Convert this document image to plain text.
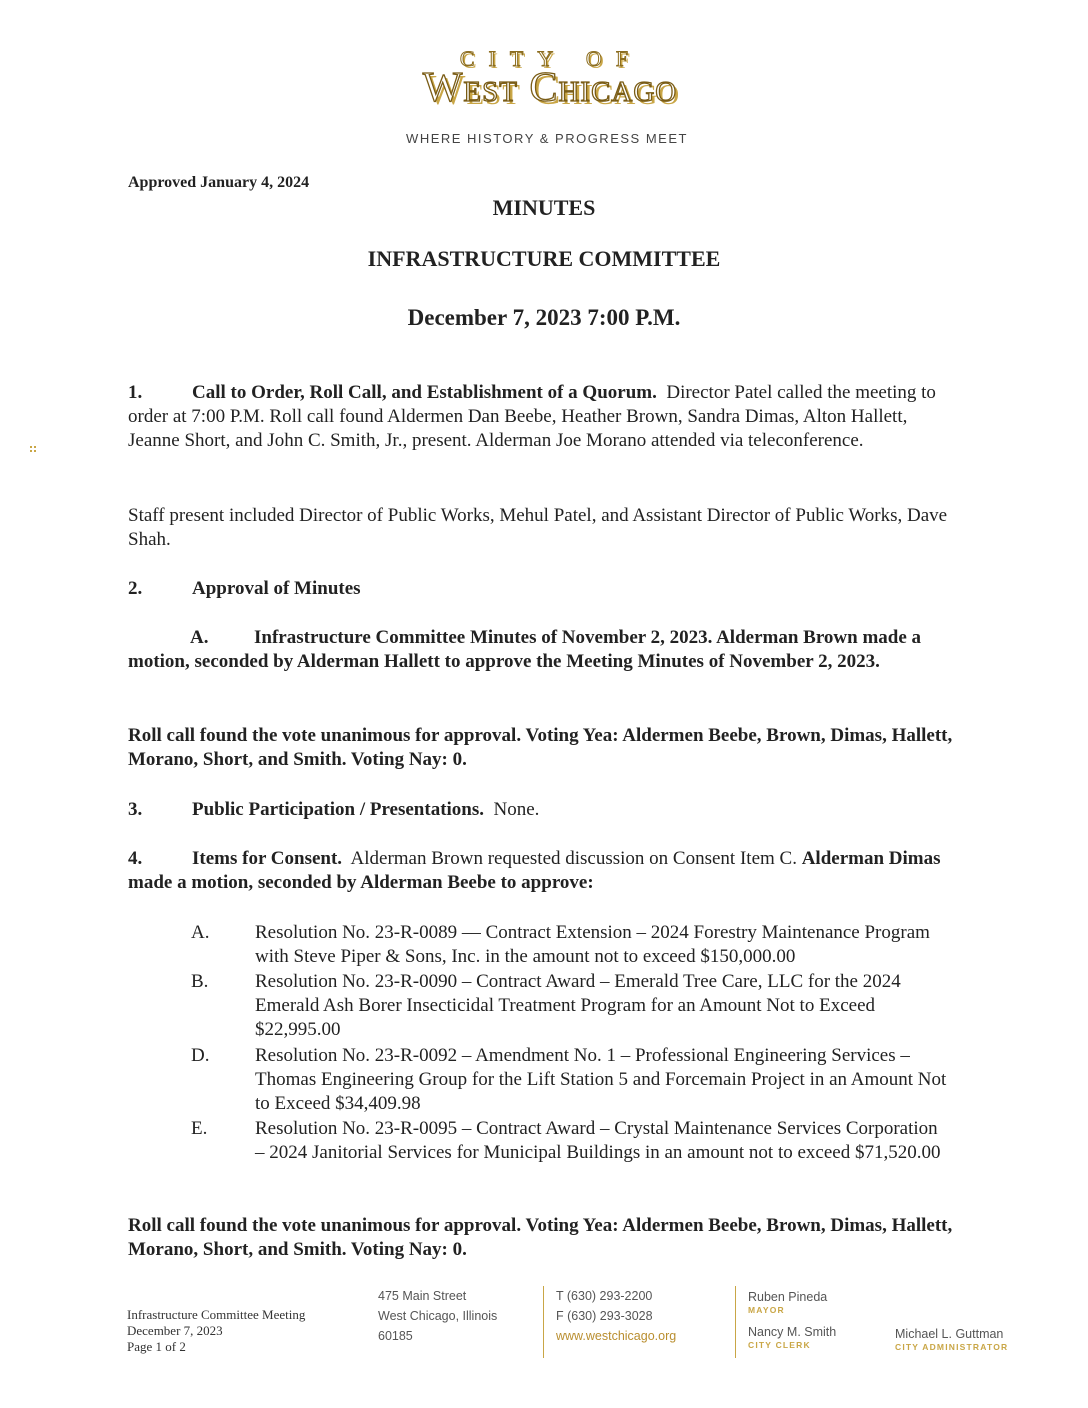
CITY OF
West Chicago
WHERE HISTORY & PROGRESS MEET
Approved January 4, 2024
MINUTES
INFRASTRUCTURE COMMITTEE
December 7, 2023 7:00 P.M.
1.	Call to Order, Roll Call, and Establishment of a Quorum. Director Patel called the meeting to order at 7:00 P.M. Roll call found Aldermen Dan Beebe, Heather Brown, Sandra Dimas, Alton Hallett, Jeanne Short, and John C. Smith, Jr., present. Alderman Joe Morano attended via teleconference.
Staff present included Director of Public Works, Mehul Patel, and Assistant Director of Public Works, Dave Shah.
2.	Approval of Minutes
A. Infrastructure Committee Minutes of November 2, 2023. Alderman Brown made a motion, seconded by Alderman Hallett to approve the Meeting Minutes of November 2, 2023.
Roll call found the vote unanimous for approval. Voting Yea: Aldermen Beebe, Brown, Dimas, Hallett, Morano, Short, and Smith. Voting Nay: 0.
3.	Public Participation / Presentations. None.
4.	Items for Consent. Alderman Brown requested discussion on Consent Item C. Alderman Dimas made a motion, seconded by Alderman Beebe to approve:
A. Resolution No. 23-R-0089 –– Contract Extension – 2024 Forestry Maintenance Program with Steve Piper & Sons, Inc. in the amount not to exceed $150,000.00
B. Resolution No. 23-R-0090 – Contract Award – Emerald Tree Care, LLC for the 2024 Emerald Ash Borer Insecticidal Treatment Program for an Amount Not to Exceed $22,995.00
D. Resolution No. 23-R-0092 – Amendment No. 1 – Professional Engineering Services – Thomas Engineering Group for the Lift Station 5 and Forcemain Project in an Amount Not to Exceed $34,409.98
E.	Resolution No. 23-R-0095 – Contract Award – Crystal Maintenance Services Corporation – 2024 Janitorial Services for Municipal Buildings in an amount not to exceed $71,520.00
Roll call found the vote unanimous for approval. Voting Yea: Aldermen Beebe, Brown, Dimas, Hallett, Morano, Short, and Smith. Voting Nay: 0.
Infrastructure Committee Meeting
December 7, 2023
Page 1 of 2
475 Main Street
West Chicago, Illinois
60185
T (630) 293-2200
F (630) 293-3028
www.westchicago.org
Ruben Pineda
MAYOR
Nancy M. Smith
CITY CLERK
Michael L. Guttman
CITY ADMINISTRATOR
